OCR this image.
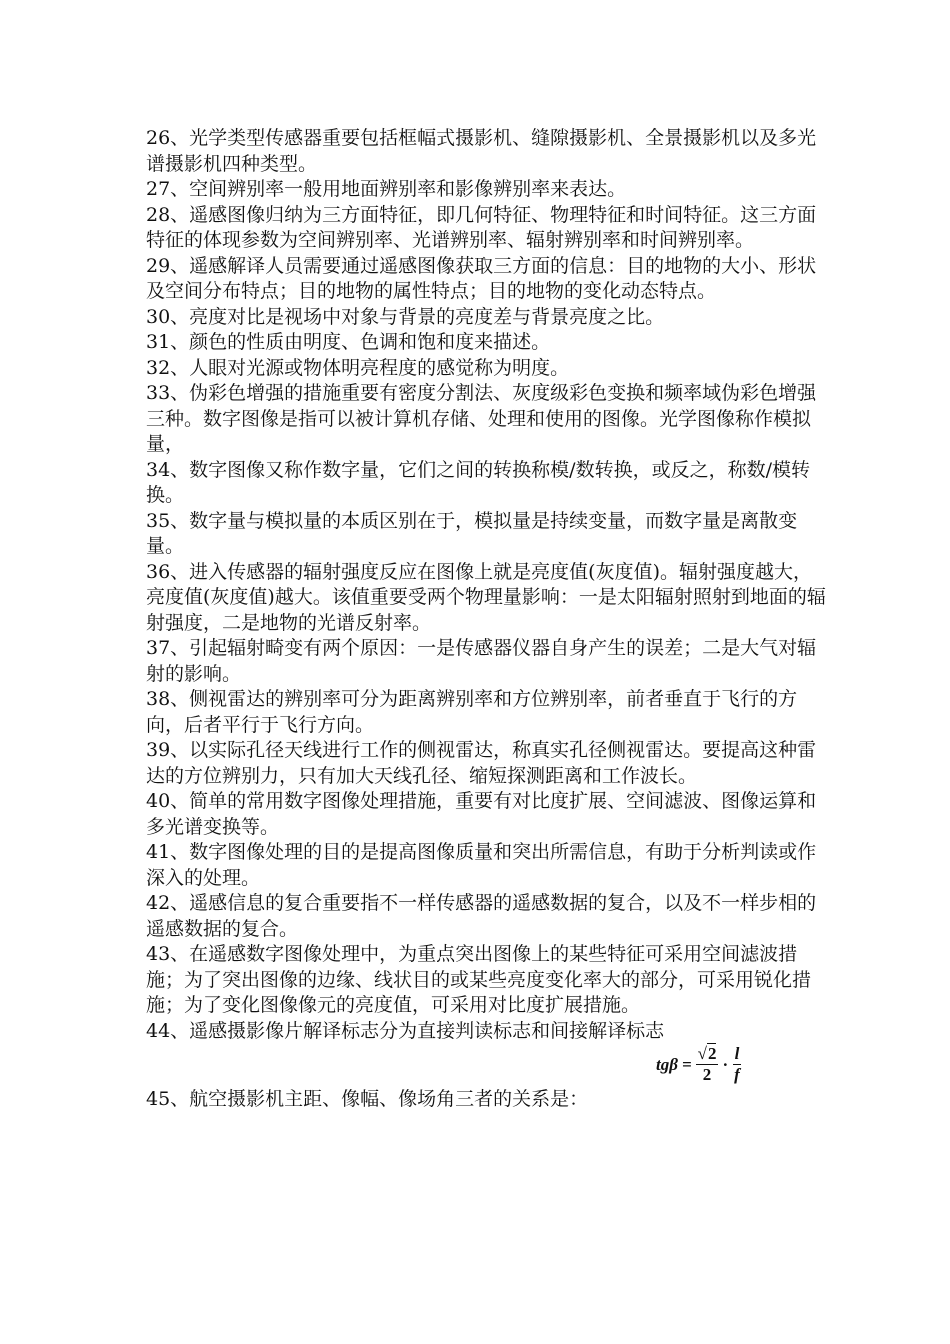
26、光学类型传感器重要包括框幅式摄影机、缝隙摄影机、全景摄影机以及多光谱摄影机四种类型。

27、空间辨别率一般用地面辨别率和影像辨别率来表达。

28、遥感图像归纳为三方面特征，即几何特征、物理特征和时间特征。这三方面特征的体现参数为空间辨别率、光谱辨别率、辐射辨别率和时间辨别率。

29、遥感解译人员需要通过遥感图像获取三方面的信息：目的地物的大小、形状及空间分布特点；目的地物的属性特点；目的地物的变化动态特点。

30、亮度对比是视场中对象与背景的亮度差与背景亮度之比。

31、颜色的性质由明度、色调和饱和度来描述。

32、人眼对光源或物体明亮程度的感觉称为明度。

33、伪彩色增强的措施重要有密度分割法、灰度级彩色变换和频率域伪彩色增强三种。数字图像是指可以被计算机存储、处理和使用的图像。光学图像称作模拟量，

34、数字图像又称作数字量，它们之间的转换称模/数转换，或反之，称数/模转换。

35、数字量与模拟量的本质区别在于，模拟量是持续变量，而数字量是离散变量。

36、进入传感器的辐射强度反应在图像上就是亮度值(灰度值)。辐射强度越大，亮度值(灰度值)越大。该值重要受两个物理量影响：一是太阳辐射照射到地面的辐射强度，二是地物的光谱反射率。

37、引起辐射畸变有两个原因：一是传感器仪器自身产生的误差；二是大气对辐射的影响。

38、侧视雷达的辨别率可分为距离辨别率和方位辨别率，前者垂直于飞行的方向，后者平行于飞行方向。

39、以实际孔径天线进行工作的侧视雷达，称真实孔径侧视雷达。要提高这种雷达的方位辨别力，只有加大天线孔径、缩短探测距离和工作波长。

40、简单的常用数字图像处理措施，重要有对比度扩展、空间滤波、图像运算和多光谱变换等。

41、数字图像处理的目的是提高图像质量和突出所需信息，有助于分析判读或作深入的处理。

42、遥感信息的复合重要指不一样传感器的遥感数据的复合，以及不一样步相的遥感数据的复合。

43、在遥感数字图像处理中，为重点突出图像上的某些特征可采用空间滤波措施；为了突出图像的边缘、线状目的或某些亮度变化率大的部分，可采用锐化措施；为了变化图像像元的亮度值，可采用对比度扩展措施。

44、遥感摄影像片解译标志分为直接判读标志和间接解译标志

45、航空摄影机主距、像幅、像场角三者的关系是：
$tg\beta = \frac{√2}{2} \cdot \frac{l}{f}$
